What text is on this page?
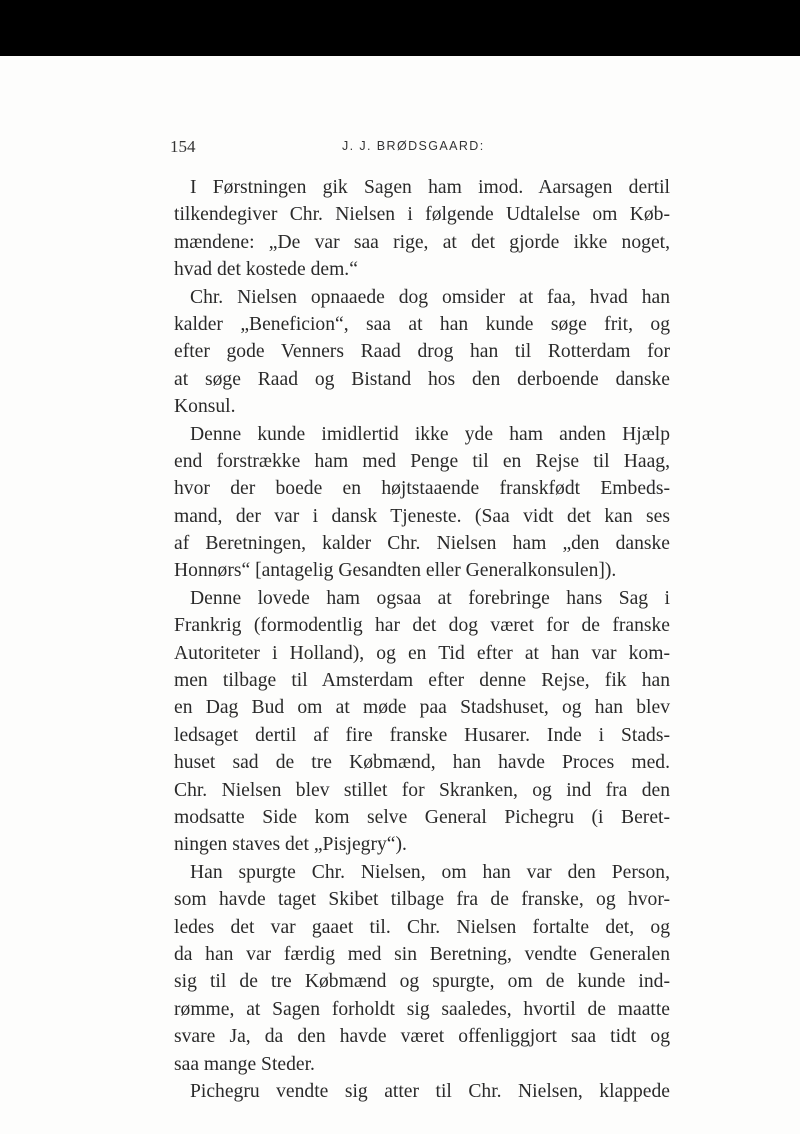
154	J. J. BRØDSGAARD:
I Førstningen gik Sagen ham imod. Aarsagen dertil
tilkendegiver Chr. Nielsen i følgende Udtalelse om Køb-
mændene: „De var saa rige, at det gjorde ikke noget,
hvad det kostede dem.“
Chr. Nielsen opnaaede dog omsider at faa, hvad han
kalder „Beneficion“, saa at han kunde søge frit, og
efter gode Venners Raad drog han til Rotterdam for
at søge Raad og Bistand hos den derboende danske
Konsul.
Denne kunde imidlertid ikke yde ham anden Hjælp
end forstrække ham med Penge til en Rejse til Haag,
hvor der boede en højtstaaende franskfødt Embeds-
mand, der var i dansk Tjeneste. (Saa vidt det kan ses
af Beretningen, kalder Chr. Nielsen ham „den danske
Honnørs“ [antagelig Gesandten eller Generalkonsulen]).
Denne lovede ham ogsaa at forebringe hans Sag i
Frankrig (formodentlig har det dog været for de franske
Autoriteter i Holland), og en Tid efter at han var kom-
men tilbage til Amsterdam efter denne Rejse, fik han
en Dag Bud om at møde paa Stadshuset, og han blev
ledsaget dertil af fire franske Husarer. Inde i Stads-
huset sad de tre Købmænd, han havde Proces med.
Chr. Nielsen blev stillet for Skranken, og ind fra den
modsatte Side kom selve General Pichegru (i Beret-
ningen staves det „Pisjegry“).
Han spurgte Chr. Nielsen, om han var den Person,
som havde taget Skibet tilbage fra de franske, og hvor-
ledes det var gaaet til. Chr. Nielsen fortalte det, og
da han var færdig med sin Beretning, vendte Generalen
sig til de tre Købmænd og spurgte, om de kunde ind-
rømme, at Sagen forholdt sig saaledes, hvortil de maatte
svare Ja, da den havde været offenliggjort saa tidt og
saa mange Steder.
Pichegru vendte sig atter til Chr. Nielsen, klappede
